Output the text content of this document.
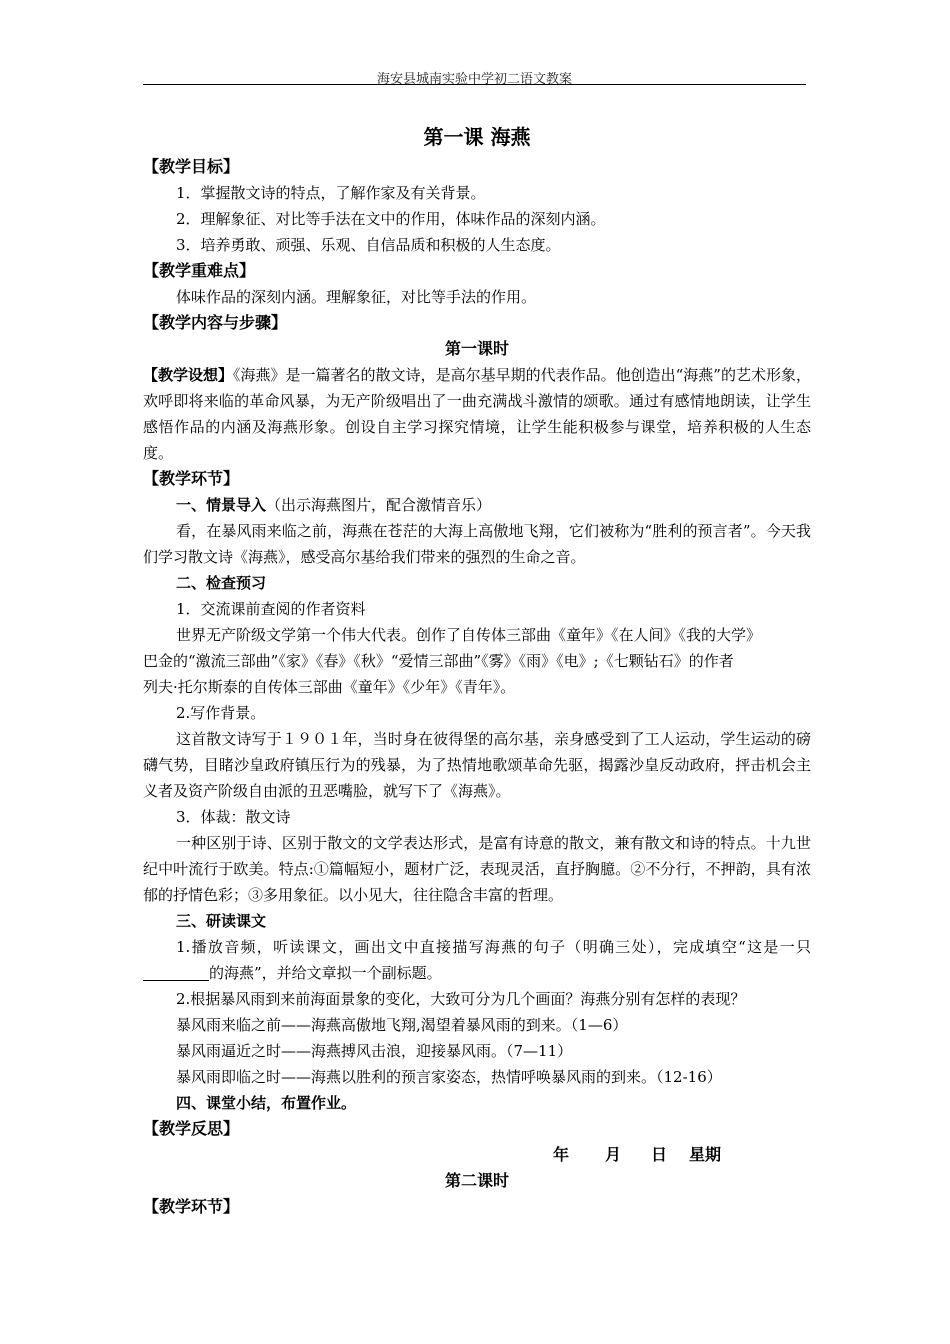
海安县城南实验中学初二语文教案
第一课 海燕
【教学目标】
1．掌握散文诗的特点，了解作家及有关背景。
2．理解象征、对比等手法在文中的作用，体味作品的深刻内涵。
3．培养勇敢、顽强、乐观、自信品质和积极的人生态度。
【教学重难点】
体味作品的深刻内涵。理解象征，对比等手法的作用。
【教学内容与步骤】
第一课时
【教学设想】《海燕》是一篇著名的散文诗，是高尔基早期的代表作品。他创造出“海燕”的艺术形象，欢呼即将来临的革命风暴，为无产阶级唱出了一曲充满战斗激情的颂歌。通过有感情地朗读，让学生感悟作品的内涵及海燕形象。创设自主学习探究情境，让学生能积极参与课堂，培养积极的人生态度。
【教学环节】
一、情景导入（出示海燕图片，配合激情音乐）
看，在暴风雨来临之前，海燕在苍茫的大海上高傲地飞翔，它们被称为“胜利的预言者”。今天我们学习散文诗《海燕》，感受高尔基给我们带来的强烈的生命之音。
二、检查预习
1．交流课前查阅的作者资料
世界无产阶级文学第一个伟大代表。创作了自传体三部曲《童年》《在人间》《我的大学》
巴金的“激流三部曲”《家》《春》《秋》“爱情三部曲”《雾》《雨》《电》;《七颗钻石》的作者
列夫·托尔斯泰的自传体三部曲《童年》《少年》《青年》。
2.写作背景。
这首散文诗写于１９０１年，当时身在彼得堡的高尔基，亲身感受到了工人运动，学生运动的磅礴气势，目睹沙皇政府镇压行为的残暴，为了热情地歌颂革命先驱，揭露沙皇反动政府，抨击机会主义者及资产阶级自由派的丑恶嘴脸，就写下了《海燕》。
3．体裁：散文诗
一种区别于诗、区别于散文的文学表达形式，是富有诗意的散文，兼有散文和诗的特点。十九世纪中叶流行于欧美。特点:①篇幅短小，题材广泛，表现灵活，直抒胸臆。②不分行，不押韵，具有浓郁的抒情色彩；③多用象征。以小见大，往往隐含丰富的哲理。
三、研读课文
1.播放音频，听读课文，画出文中直接描写海燕的句子（明确三处），完成填空“这是一只的海燕”，并给文章拟一个副标题。
2.根据暴风雨到来前海面景象的变化，大致可分为几个画面？海燕分别有怎样的表现？
暴风雨来临之前——海燕高傲地飞翔,渴望着暴风雨的到来。（1—6）
暴风雨逼近之时——海燕搏风击浪，迎接暴风雨。（7—11）
暴风雨即临之时——海燕以胜利的预言家姿态，热情呼唤暴风雨的到来。（12-16）
四、课堂小结，布置作业。
【教学反思】
年 月 日 星期
第二课时
【教学环节】
